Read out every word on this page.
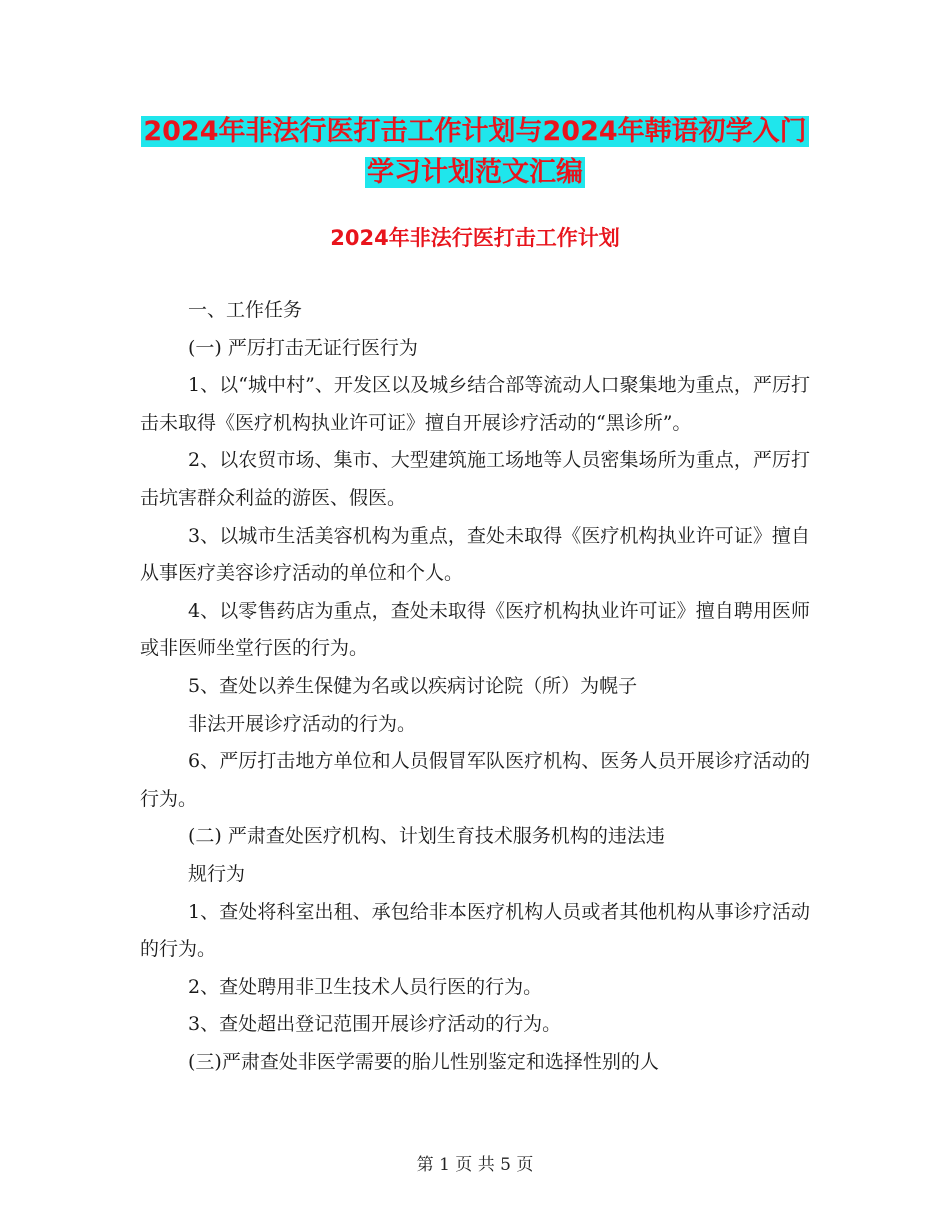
2024年非法行医打击工作计划与2024年韩语初学入门
学习计划范文汇编
2024年非法行医打击工作计划

一、工作任务

(一) 严厉打击无证行医行为

1、以“城中村”、开发区以及城乡结合部等流动人口聚集地为重点，严厉打击未取得《医疗机构执业许可证》擅自开展诊疗活动的“黑诊所”。

2、以农贸市场、集市、大型建筑施工场地等人员密集场所为重点，严厉打击坑害群众利益的游医、假医。

3、以城市生活美容机构为重点，查处未取得《医疗机构执业许可证》擅自从事医疗美容诊疗活动的单位和个人。

4、以零售药店为重点，查处未取得《医疗机构执业许可证》擅自聘用医师或非医师坐堂行医的行为。

5、查处以养生保健为名或以疾病讨论院（所）为幌子

非法开展诊疗活动的行为。

6、严厉打击地方单位和人员假冒军队医疗机构、医务人员开展诊疗活动的行为。

(二) 严肃查处医疗机构、计划生育技术服务机构的违法违

规行为

1、查处将科室出租、承包给非本医疗机构人员或者其他机构从事诊疗活动的行为。

2、查处聘用非卫生技术人员行医的行为。

3、查处超出登记范围开展诊疗活动的行为。

(三)严肃查处非医学需要的胎儿性别鉴定和选择性别的人

第 1 页 共 5 页
